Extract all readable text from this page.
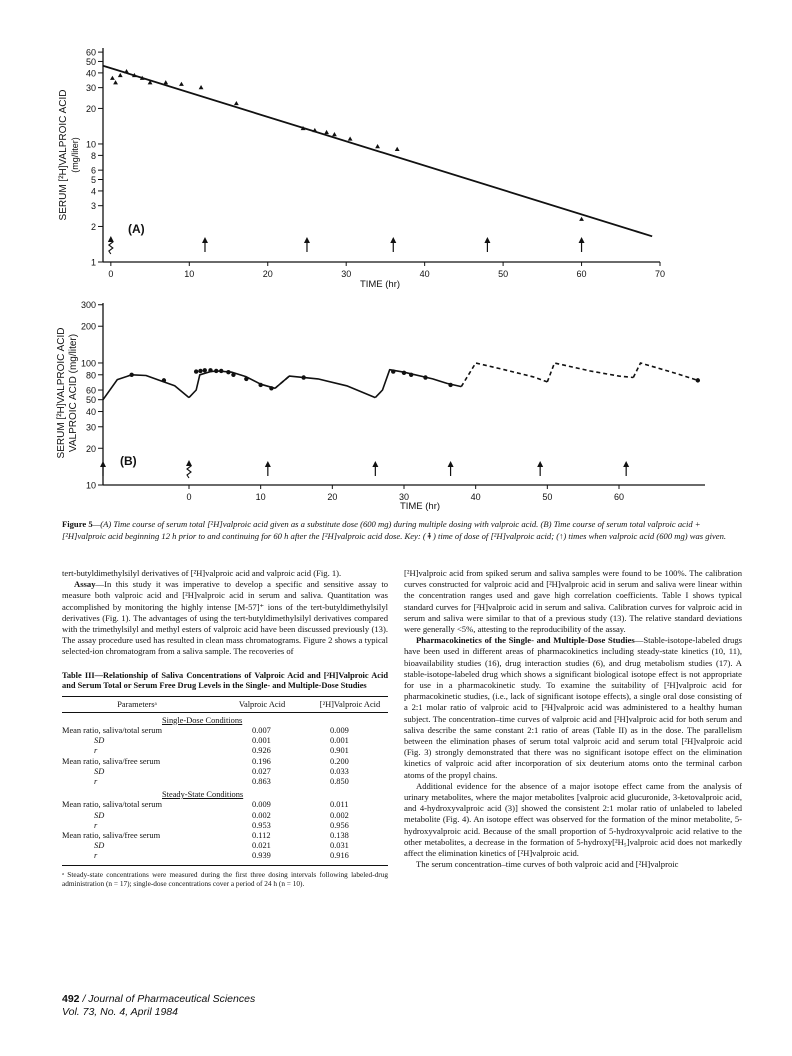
60
50
40
30
20
10
8
6
5
4
3
2
1
0	10	20	30	40	50	60	70
(A)
TIME (hr)
SERUM [²H]VALPROIC ACID (mg/liter)
300
200
100
80
60
50
40
30
20
10
0	10	20	30	40	50	60
(B)
TIME (hr)
SERUM [²H]VALPROIC ACID VALPROIC ACID (mg/liter)
Figure 5—(A) Time course of serum total [²H]valproic acid given as a substitute dose (600 mg) during multiple dosing with valproic acid. (B) Time course of serum total valproic acid + [²H]valproic acid beginning 12 h prior to and continuing for 60 h after the [²H]valproic acid dose. Key: (⇞) time of dose of [²H]valproic acid; (↑) times when valproic acid (600 mg) was given.

tert-butyldimethylsilyl derivatives of [²H]valproic acid and valproic acid (Fig. 1).

Assay—In this study it was imperative to develop a specific and sensitive assay to measure both valproic acid and [²H]valproic acid in serum and saliva. Quantitation was accomplished by monitoring the highly intense [M-57]⁺ ions of the tert-butyldimethylsilyl derivatives (Fig. 1). The advantages of using the tert-butyldimethylsilyl derivatives compared with the trimethylsilyl and methyl esters of valproic acid have been discussed previously (13). The assay procedure used has resulted in clean mass chromatograms. Figure 2 shows a typical selected-ion chromatogram from a saliva sample. The recoveries of

Table III—Relationship of Saliva Concentrations of Valproic Acid and [²H]Valproic Acid and Serum Total or Serum Free Drug Levels in the Single- and Multiple-Dose Studies
Parametersᵃ	Valproic Acid	[²H]Valproic Acid
Single-Dose Conditions		
Mean ratio, saliva/total serum	0.007	0.009
SD	0.001	0.001
r	0.926	0.901
Mean ratio, saliva/free serum	0.196	0.200
SD	0.027	0.033
r	0.863	0.850
Steady-State Conditions		
Mean ratio, saliva/total serum	0.009	0.011
SD	0.002	0.002
r	0.953	0.956
Mean ratio, saliva/free serum	0.112	0.138
SD	0.021	0.031
r	0.939	0.916
ᵃ Steady-state concentrations were measured during the first three dosing intervals following labeled-drug administration (n = 17); single-dose concentrations cover a period of 24 h (n = 10).

[²H]valproic acid from spiked serum and saliva samples were found to be 100%. The calibration curves constructed for valproic acid and [²H]valproic acid in serum and saliva were linear within the concentration ranges used and gave high correlation coefficients. Table I shows typical standard curves for [²H]valproic acid in serum and saliva. Calibration curves for valproic acid in serum and saliva were similar to that of a previous study (13). The relative standard deviations were generally <5%, attesting to the reproducibility of the assay.

Pharmacokinetics of the Single- and Multiple-Dose Studies—Stable-isotope-labeled drugs have been used in different areas of pharmacokinetics including steady-state kinetics (10, 11), bioavailability studies (16), drug interaction studies (6), and drug metabolism studies (17). A stable-isotope-labeled drug which shows a significant biological isotope effect is not appropriate for use in a pharmacokinetic study. To examine the suitability of [²H]valproic acid for pharmacokinetic studies, (i.e., lack of significant isotope effects), a single oral dose consisting of a 2:1 molar ratio of valproic acid to [²H]valproic acid was administered to a healthy human subject. The concentration–time curves of valproic acid and [²H]valproic acid for both serum and saliva describe the same constant 2:1 ratio of areas (Table II) as in the dose. The parallelism between the elimination phases of serum total valproic acid and serum total [²H]valproic acid (Fig. 3) strongly demonstrated that there was no significant isotope effect on the elimination kinetics of valproic acid after incorporation of six deuterium atoms onto the terminal carbon atoms of the propyl chains.

Additional evidence for the absence of a major isotope effect came from the analysis of urinary metabolites, where the major metabolites [valproic acid glucuronide, 3-ketovalproic acid, and 4-hydroxyvalproic acid (3)] showed the consistent 2:1 molar ratio of unlabeled to labeled metabolite (Fig. 4). An isotope effect was observed for the formation of the minor metabolite, 5-hydroxyvalproic acid. Because of the small proportion of 5-hydroxyvalproic acid relative to the other metabolites, a decrease in the formation of 5-hydroxy[²H₅]valproic acid does not markedly affect the elimination kinetics of [²H]valproic acid.

The serum concentration–time curves of both valproic acid and [²H]valproic

492 / Journal of Pharmaceutical Sciences
Vol. 73, No. 4, April 1984
